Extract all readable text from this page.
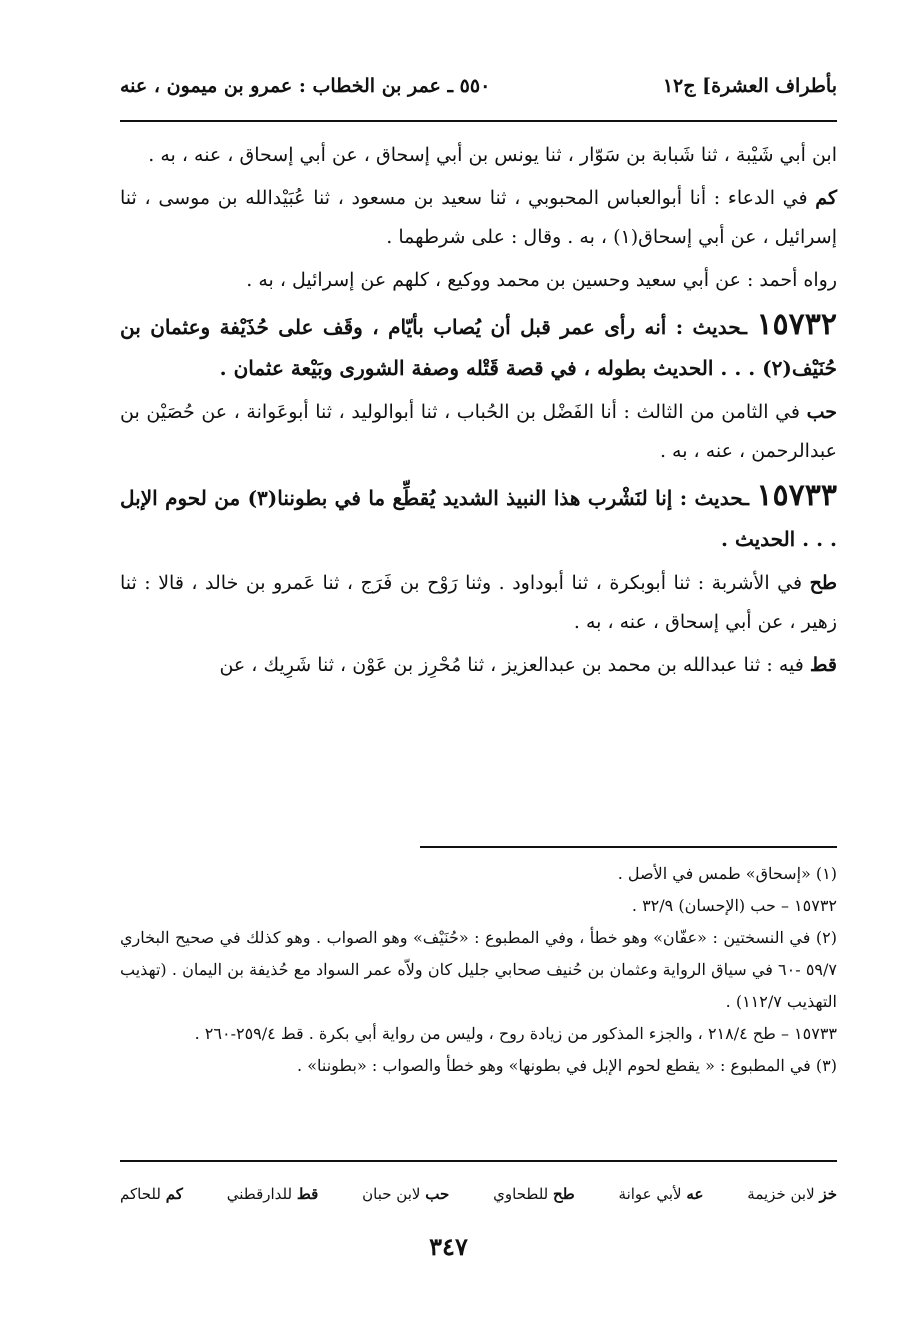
بأطراف العشرة] ج١٢
٥٥٠ ـ عمر بن الخطاب : عمرو بن ميمون ، عنه

ابن أبي شَيْبة ، ثنا شَبابة بن سَوّار ، ثنا يونس بن أبي إسحاق ، عن أبي إسحاق ، عنه ، به .

كم في الدعاء : أنا أبوالعباس المحبوبي ، ثنا سعيد بن مسعود ، ثنا عُبَيْدالله بن موسى ، ثنا إسرائيل ، عن أبي إسحاق(١) ، به . وقال : على شرطهما .

رواه أحمد : عن أبي سعيد وحسين بن محمد ووكيع ، كلهم عن إسرائيل ، به .

١٥٧٣٢ ـحديث : أنه رأى عمر قبل أن يُصاب بأيّام ، وقَف على حُذَيْفة وعثمان بن حُنَيْف(٢) . . . الحديث بطوله ، في قصة قَتْله وصفة الشورى وبَيْعة عثمان .

حب في الثامن من الثالث : أنا الفَضْل بن الحُباب ، ثنا أبوالوليد ، ثنا أبوعَوانة ، عن حُصَيْن بن عبدالرحمن ، عنه ، به .

١٥٧٣٣ ـحديث : إنا لنَشْرب هذا النبيذ الشديد يُقطِّع ما في بطوننا(٣) من لحوم الإبل . . . الحديث .

طح في الأشربة : ثنا أبوبكرة ، ثنا أبوداود . وثنا رَوْح بن فَرَج ، ثنا عَمرو بن خالد ، قالا : ثنا زهير ، عن أبي إسحاق ، عنه ، به .

قط فيه : ثنا عبدالله بن محمد بن عبدالعزيز ، ثنا مُحْرِز بن عَوْن ، ثنا شَرِيك ، عن

(١) «إسحاق» طمس في الأصل .

١٥٧٣٢ – حب (الإحسان) ٣٢/٩ .

(٢) في النسختين : «عفّان» وهو خطأ ، وفي المطبوع : «حُنَيْف» وهو الصواب . وهو كذلك في صحيح البخاري ٥٩/٧ -٦٠ في سياق الرواية وعثمان بن حُنيف صحابي جليل كان ولاّه عمر السواد مع حُذيفة بن اليمان . (تهذيب التهذيب ١١٢/٧) .

١٥٧٣٣ – طح ٢١٨/٤ ، والجزء المذكور من زيادة روح ، وليس من رواية أبي بكرة . قط ٢٥٩/٤-٢٦٠ .

(٣) في المطبوع : « يقطع لحوم الإبل في بطونها» وهو خطأ والصواب : «بطوننا» .

خز لابن خزيمة
عه لأبي عوانة
طح للطحاوي
حب لابن حبان
قط للدارقطني
كم للحاكم
٣٤٧
